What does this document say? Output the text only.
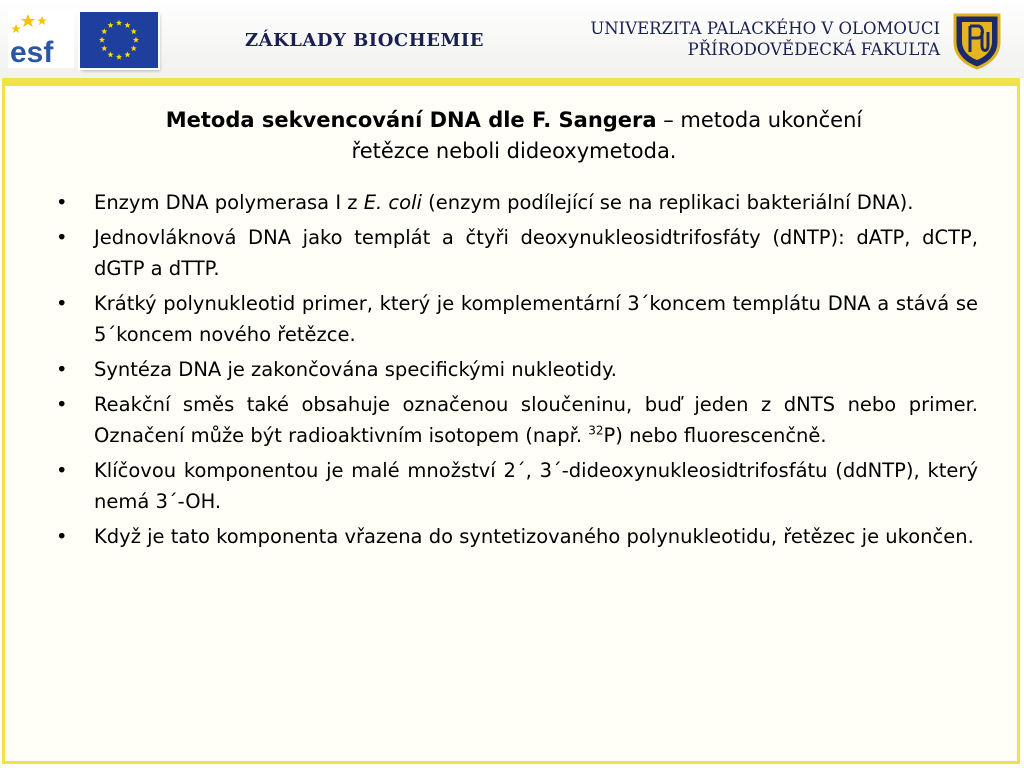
esf	ZÁKLADY BIOCHEMIE
UNIVERZITA PALACKÉHO V OLOMOUCI
PŘÍRODOVĚDECKÁ FAKULTA
Metoda sekvencování DNA dle F. Sangera – metoda ukončení
řetězce neboli dideoxymetoda.
• Enzym DNA polymerasa I z E. coli (enzym podílející se na replikaci bakteriální DNA).
• Jednovláknová DNA jako templát a čtyři deoxynukleosidtrifosfáty (dNTP): dATP, dCTP, dGTP a dTTP.
• Krátký polynukleotid primer, který je komplementární 3´koncem templátu DNA a stává se 5´koncem nového řetězce.
• Syntéza DNA je zakončována specifickými nukleotidy.
• Reakční směs také obsahuje označenou sloučeninu, buď jeden z dNTS nebo primer. Označení může být radioaktivním isotopem (např. $^{32}$P) nebo fluorescenčně.
• Klíčovou komponentou je malé množství 2´, 3´-dideoxynukleosidtrifosfátu (ddNTP), který nemá 3´-OH.
• Když je tato komponenta vřazena do syntetizovaného polynukleotidu, řetězec je ukončen.
